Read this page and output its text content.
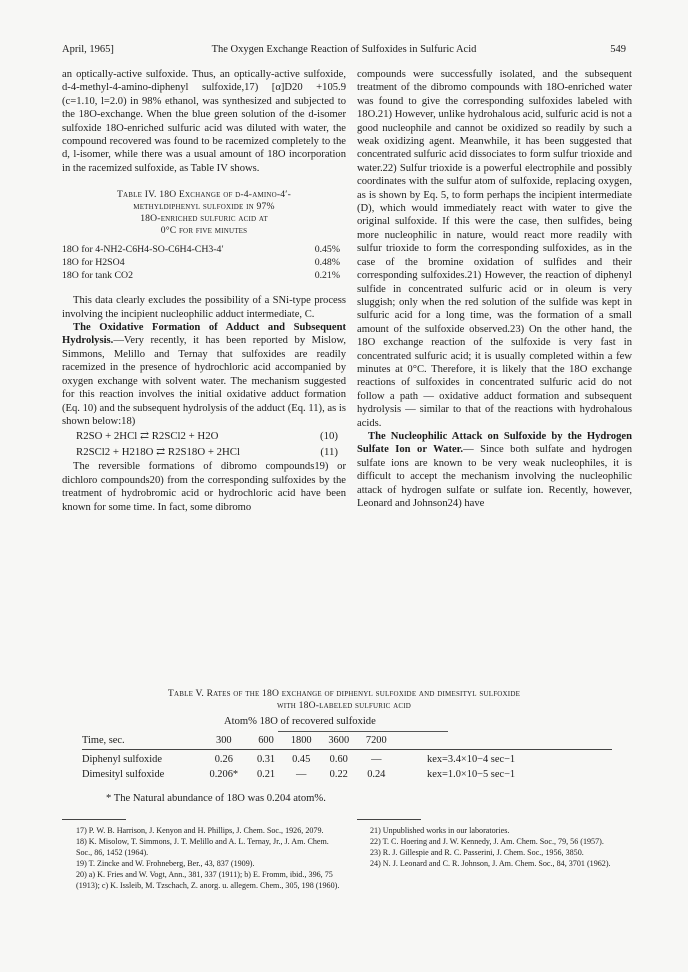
April, 1965]	The Oxygen Exchange Reaction of Sulfoxides in Sulfuric Acid	549

an optically-active sulfoxide. Thus, an optically-active sulfoxide, d-4-methyl-4-amino-diphenyl sulfoxide,17) [α]D20 +105.9 (c=1.10, l=2.0) in 98% ethanol, was synthesized and subjected to the 18O-exchange. When the blue green solution of the d-isomer sulfoxide 18O-enriched sulfuric acid was diluted with water, the compound recovered was found to be racemized completely to the d, l-isomer, while there was a usual amount of 18O incorporation in the racemized sulfoxide, as Table IV shows.

Table IV. 18O Exchange of d-4-amino-4′-
methyldiphenyl sulfoxide in 97%
18O-enriched sulfuric acid at
0°C for five minutes
18O for 4-NH2-C6H4-SO-C6H4-CH3-4′	0.45%
18O for H2SO4	0.48%
18O for tank CO2	0.21%

This data clearly excludes the possibility of a SNi-type process involving the incipient nucleophilic adduct intermediate, C.

The Oxidative Formation of Adduct and Subsequent Hydrolysis.—Very recently, it has been reported by Mislow, Simmons, Melillo and Ternay that sulfoxides are readily racemized in the presence of hydrochloric acid accompanied by oxygen exchange with solvent water. The mechanism suggested for this reaction involves the initial oxidative adduct formation (Eq. 10) and the subsequent hydrolysis of the adduct (Eq. 11), as is shown below:18)

R2SO + 2HCl ⇄ R2SCl2 + H2O	(10)
R2SCl2 + H218O ⇄ R2S18O + 2HCl	(11)

The reversible formations of dibromo compounds19) or dichloro compounds20) from the corresponding sulfoxides by the treatment of hydrobromic acid or hydrochloric acid have been known for some time. In fact, some dibromo

compounds were successfully isolated, and the subsequent treatment of the dibromo compounds with 18O-enriched water was found to give the corresponding sulfoxides labeled with 18O.21) However, unlike hydrohalous acid, sulfuric acid is not a good nucleophile and cannot be oxidized so readily by such a weak oxidizing agent. Meanwhile, it has been suggested that concentrated sulfuric acid dissociates to form sulfur trioxide and water.22) Sulfur trioxide is a powerful electrophile and possibly coordinates with the sulfur atom of sulfoxide, replacing oxygen, as is shown by Eq. 5, to form perhaps the incipient intermediate (D), which would immediately react with water to give the original sulfoxide. If this were the case, then sulfides, being more nucleophilic in nature, would react more readily with sulfur trioxide to form the corresponding sulfoxides, as in the case of the bromine oxidation of sulfides and their corresponding sulfoxides.21) However, the reaction of diphenyl sulfide in concentrated sulfuric acid or in oleum is very sluggish; only when the red solution of the sulfide was kept in sulfuric acid for a long time, was the formation of a small amount of the sulfoxide observed.23) On the other hand, the 18O exchange reaction of the sulfoxide is very fast in concentrated sulfuric acid; it is usually completed within a few minutes at 0°C. Therefore, it is likely that the 18O exchange reactions of sulfoxides in concentrated sulfuric acid do not follow a path — oxidative adduct formation and subsequent hydrolysis — similar to that of the reactions with hydrohalous acids.

The Nucleophilic Attack on Sulfoxide by the Hydrogen Sulfate Ion or Water.— Since both sulfate and hydrogen sulfate ions are known to be very weak nucleophiles, it is difficult to accept the mechanism involving the nucleophilic attack of hydrogen sulfate or sulfate ion. Recently, however, Leonard and Johnson24) have

Table V. Rates of the 18O exchange of diphenyl sulfoxide and dimesityl sulfoxide
with 18O-labeled sulfuric acid
Atom% 18O of recovered sulfoxide
Time, sec.	300	600	1800	3600	7200	
Diphenyl sulfoxide	0.26	0.31	0.45	0.60	—	kex=3.4×10−4 sec−1
Dimesityl sulfoxide	0.206*	0.21	—	0.22	0.24	kex=1.0×10−5 sec−1
* The Natural abundance of 18O was 0.204 atom%.

17) P. W. B. Harrison, J. Kenyon and H. Phillips, J. Chem. Soc., 1926, 2079.

18) K. Misolow, T. Simmons, J. T. Melillo and A. L. Ternay, Jr., J. Am. Chem. Soc., 86, 1452 (1964).

19) T. Zincke and W. Frohneberg, Ber., 43, 837 (1909).

20) a) K. Fries and W. Vogt, Ann., 381, 337 (1911); b) E. Fromm, ibid., 396, 75 (1913); c) K. Issleib, M. Tzschach, Z. anorg. u. allegem. Chem., 305, 198 (1960).

21) Unpublished works in our laboratories.

22) T. C. Hoering and J. W. Kennedy, J. Am. Chem. Soc., 79, 56 (1957).

23) R. J. Gillespie and R. C. Passerini, J. Chem. Soc., 1956, 3850.

24) N. J. Leonard and C. R. Johnson, J. Am. Chem. Soc., 84, 3701 (1962).
